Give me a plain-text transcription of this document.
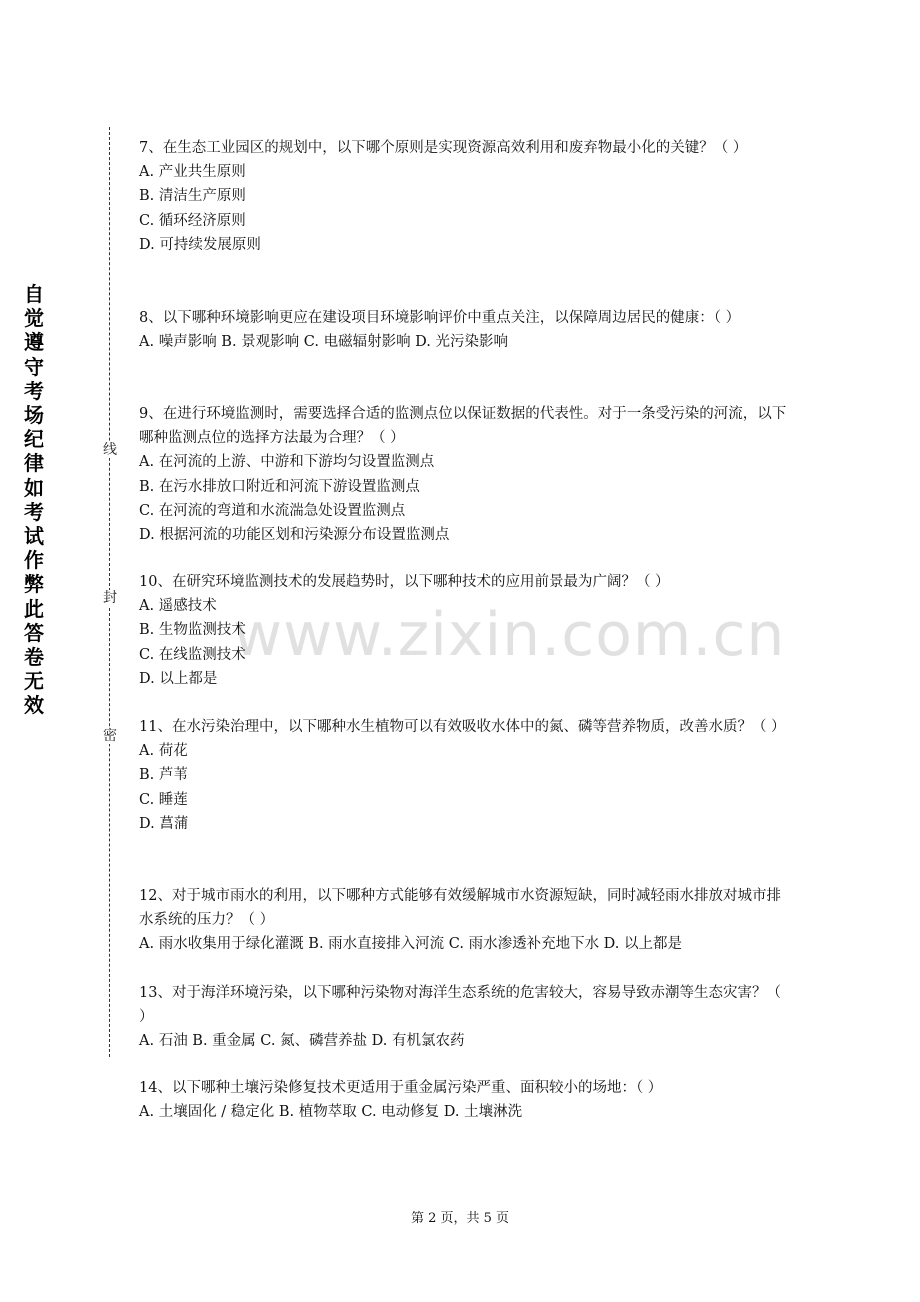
自觉遵守考场纪律如考试作弊此答卷无效
线
封
密
www.zixin.com.cn

7、在生态工业园区的规划中，以下哪个原则是实现资源高效利用和废弃物最小化的关键？（ ）

A. 产业共生原则

B. 清洁生产原则

C. 循环经济原则

D. 可持续发展原则

8、以下哪种环境影响更应在建设项目环境影响评价中重点关注，以保障周边居民的健康：（ ）

A. 噪声影响 B. 景观影响 C. 电磁辐射影响 D. 光污染影响

9、在进行环境监测时，需要选择合适的监测点位以保证数据的代表性。对于一条受污染的河流，以下哪种监测点位的选择方法最为合理？（ ）

A. 在河流的上游、中游和下游均匀设置监测点

B. 在污水排放口附近和河流下游设置监测点

C. 在河流的弯道和水流湍急处设置监测点

D. 根据河流的功能区划和污染源分布设置监测点

10、在研究环境监测技术的发展趋势时，以下哪种技术的应用前景最为广阔？（ ）

A. 遥感技术

B. 生物监测技术

C. 在线监测技术

D. 以上都是

11、在水污染治理中，以下哪种水生植物可以有效吸收水体中的氮、磷等营养物质，改善水质？（ ）

A. 荷花

B. 芦苇

C. 睡莲

D. 菖蒲

12、对于城市雨水的利用，以下哪种方式能够有效缓解城市水资源短缺，同时减轻雨水排放对城市排水系统的压力？（ ）

A. 雨水收集用于绿化灌溉 B. 雨水直接排入河流 C. 雨水渗透补充地下水 D. 以上都是

13、对于海洋环境污染，以下哪种污染物对海洋生态系统的危害较大，容易导致赤潮等生态灾害？（ ）

A. 石油 B. 重金属 C. 氮、磷营养盐 D. 有机氯农药

14、以下哪种土壤污染修复技术更适用于重金属污染严重、面积较小的场地：（ ）

A. 土壤固化 / 稳定化 B. 植物萃取 C. 电动修复 D. 土壤淋洗

第 2 页，共 5 页
